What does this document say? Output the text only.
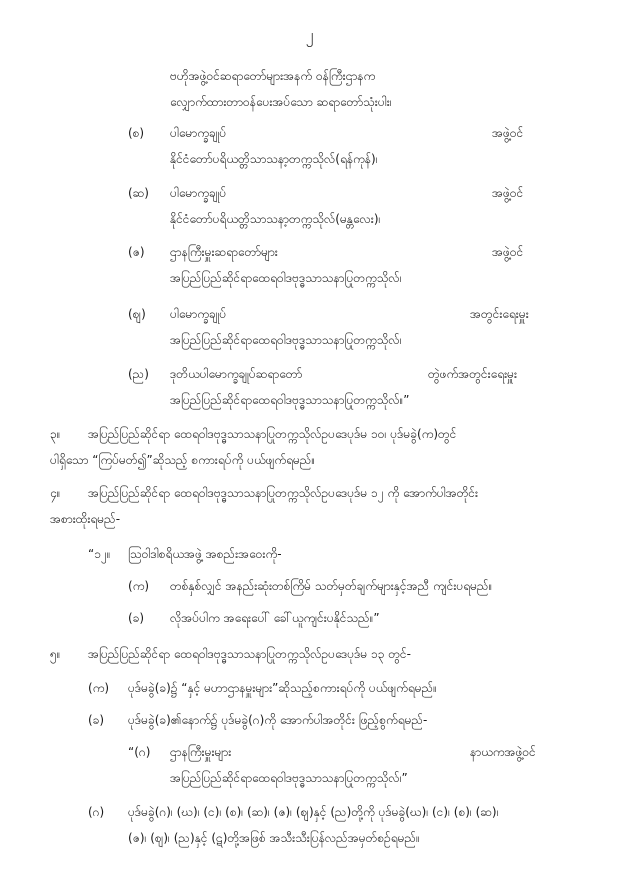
၂
ဗဟိုအဖွဲ့ဝင်ဆရာတော်များအနက် ဝန်ကြီးဌာနက
လျှောက်ထားတာဝန်ပေးအပ်သော ဆရာတော်သုံးပါး၊
(စ) ပါမောက္ခချုပ်	အဖွဲ့ဝင်
နိုင်ငံတော်ပရိယတ္တိသာသနာ့တက္ကသိုလ်(ရန်ကုန်)၊
(ဆ) ပါမောက္ခချုပ်	အဖွဲ့ဝင်
နိုင်ငံတော်ပရိယတ္တိသာသနာ့တက္ကသိုလ်(မန္တလေး)၊
(ဇ) ဌာနကြီးမှူးဆရာတော်များ	အဖွဲ့ဝင်
အပြည်ပြည်ဆိုင်ရာထေရဝါဒဗုဒ္ဓသာသနာပြုတက္ကသိုလ်၊
(ဈ) ပါမောက္ခချုပ်	အတွင်းရေးမှူး
အပြည်ပြည်ဆိုင်ရာထေရဝါဒဗုဒ္ဓသာသနာပြုတက္ကသိုလ်၊
(ည) ဒုတိယပါမောက္ခချုပ်ဆရာတော်	တွဲဖက်အတွင်းရေးမှူး
အပြည်ပြည်ဆိုင်ရာထေရဝါဒဗုဒ္ဓသာသနာပြုတက္ကသိုလ်။”
၃။ အပြည်ပြည်ဆိုင်ရာ ထေရဝါဒဗုဒ္ဓသာသနာပြုတက္ကသိုလ်ဥပဒေပုဒ်မ ၁၀၊ ပုဒ်မခွဲ(က)တွင်
ပါရှိသော “ကြပ်မတ်၍”ဆိုသည့် စကားရပ်ကို ပယ်ဖျက်ရမည်။
၄။ အပြည်ပြည်ဆိုင်ရာ ထေရဝါဒဗုဒ္ဓသာသနာပြုတက္ကသိုလ်ဥပဒေပုဒ်မ ၁၂ ကို အောက်ပါအတိုင်း
အစားထိုးရမည်-
“၁၂။ ဩဝါဒါစရိယအဖွဲ့ အစည်းအဝေးကို-
(က) တစ်နှစ်လျှင် အနည်းဆုံးတစ်ကြိမ် သတ်မှတ်ချက်များနှင့်အညီ ကျင်းပရမည်။
(ခ) လိုအပ်ပါက အရေးပေါ် ခေါ်ယူကျင်းပနိုင်သည်။”
၅။ အပြည်ပြည်ဆိုင်ရာ ထေရဝါဒဗုဒ္ဓသာသနာပြုတက္ကသိုလ်ဥပဒေပုဒ်မ ၁၃ တွင်-
(က) ပုဒ်မခွဲ(ခ)၌ “နှင့် မဟာဌာနမှူးများ”ဆိုသည့်စကားရပ်ကို ပယ်ဖျက်ရမည်။
(ခ) ပုဒ်မခွဲ(ခ)၏နောက်၌ ပုဒ်မခွဲ(ဂ)ကို အောက်ပါအတိုင်း ဖြည့်စွက်ရမည်-
“(ဂ) ဌာနကြီးမှူးများ	နာယကအဖွဲ့ဝင်
အပြည်ပြည်ဆိုင်ရာထေရဝါဒဗုဒ္ဓသာသနာပြုတက္ကသိုလ်၊”
(ဂ) ပုဒ်မခွဲ(ဂ)၊ (ဃ)၊ (င)၊ (စ)၊ (ဆ)၊ (ဇ)၊ (ဈ)နှင့် (ည)တို့ကို ပုဒ်မခွဲ(ဃ)၊ (င)၊ (စ)၊ (ဆ)၊
(ဇ)၊ (ဈ)၊ (ည)နှင့် (ဋ)တို့အဖြစ် အသီးသီးပြန်လည်အမှတ်စဉ်ရမည်။
